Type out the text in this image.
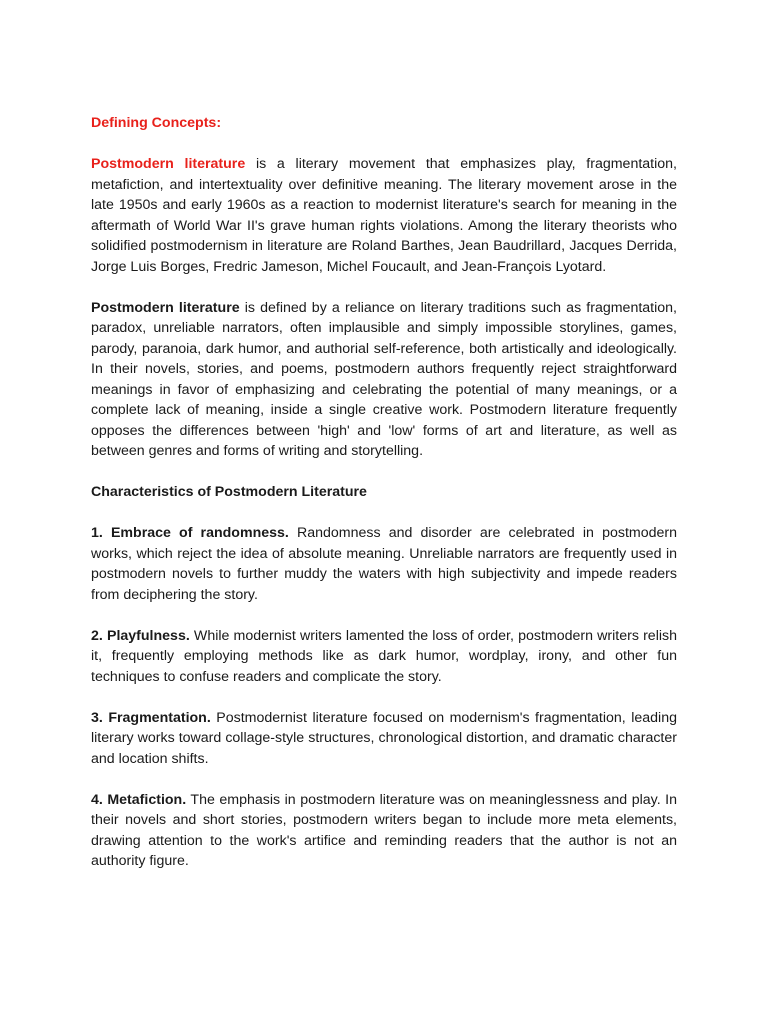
Defining Concepts:

Postmodern literature is a literary movement that emphasizes play, fragmentation, metafiction, and intertextuality over definitive meaning. The literary movement arose in the late 1950s and early 1960s as a reaction to modernist literature's search for meaning in the aftermath of World War II's grave human rights violations. Among the literary theorists who solidified postmodernism in literature are Roland Barthes, Jean Baudrillard, Jacques Derrida, Jorge Luis Borges, Fredric Jameson, Michel Foucault, and Jean-François Lyotard.

Postmodern literature is defined by a reliance on literary traditions such as fragmentation, paradox, unreliable narrators, often implausible and simply impossible storylines, games, parody, paranoia, dark humor, and authorial self-reference, both artistically and ideologically. In their novels, stories, and poems, postmodern authors frequently reject straightforward meanings in favor of emphasizing and celebrating the potential of many meanings, or a complete lack of meaning, inside a single creative work. Postmodern literature frequently opposes the differences between 'high' and 'low' forms of art and literature, as well as between genres and forms of writing and storytelling.

Characteristics of Postmodern Literature

1. Embrace of randomness. Randomness and disorder are celebrated in postmodern works, which reject the idea of absolute meaning. Unreliable narrators are frequently used in postmodern novels to further muddy the waters with high subjectivity and impede readers from deciphering the story.

2. Playfulness. While modernist writers lamented the loss of order, postmodern writers relish it, frequently employing methods like as dark humor, wordplay, irony, and other fun techniques to confuse readers and complicate the story.

3. Fragmentation. Postmodernist literature focused on modernism's fragmentation, leading literary works toward collage-style structures, chronological distortion, and dramatic character and location shifts.

4. Metafiction. The emphasis in postmodern literature was on meaninglessness and play. In their novels and short stories, postmodern writers began to include more meta elements, drawing attention to the work's artifice and reminding readers that the author is not an authority figure.
